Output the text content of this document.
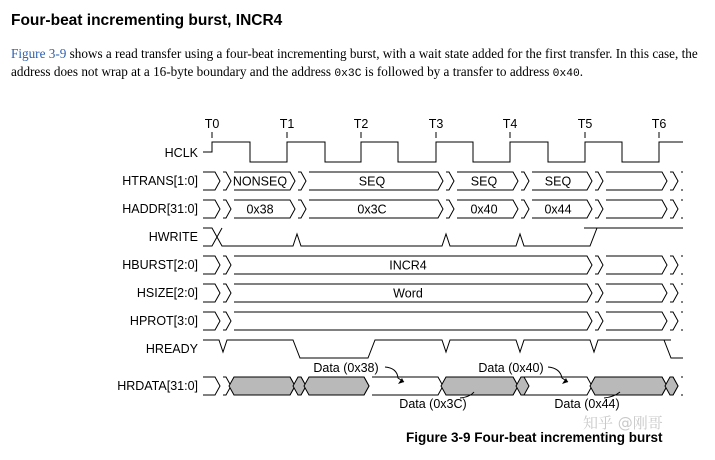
Four-beat incrementing burst, INCR4
Figure 3-9 shows a read transfer using a four-beat incrementing burst, with a wait state added for the first transfer. In this case, the address does not wrap at a 16-byte boundary and the address 0x3C is followed by a transfer to address 0x40.
T0	T1	T2	T3	T4	T5	T6
HCLK
HTRANS[1:0]
HADDR[31:0]
HWRITE
HBURST[2:0]
HSIZE[2:0]
HPROT[3:0]
HREADY
HRDATA[31:0]
NONSEQ	SEQ	SEQ	SEQ
0x38	0x3C	0x40	0x44
INCR4
Word
Data (0x38)	Data (0x40)
Data (0x3C)	Data (0x44)
知乎 @刚哥

Figure 3-9 Four-beat incrementing burst
